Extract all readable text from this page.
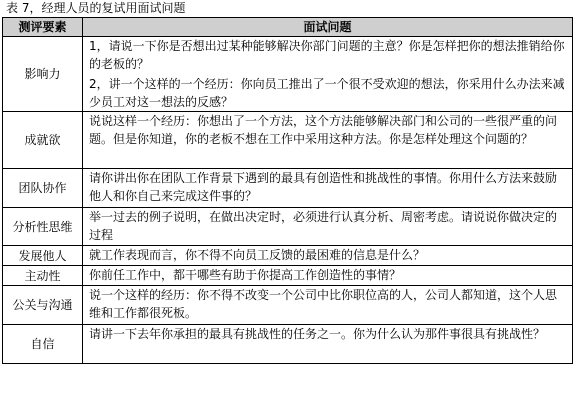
表 7，经理人员的复试用面试问题
测评要素	面试问题
影响力	1，请说一下你是否想出过某种能够解决你部门问题的主意？你是怎样把你的想法推销给你的老板的？

2，讲一个这样的一个经历：你向员工推出了一个很不受欢迎的想法，你采用什么办法来减少员工对这一想法的反感？

成就欲	说说这样一个经历：你想出了一个方法，这个方法能够解决部门和公司的一些很严重的问题。但是你知道，你的老板不想在工作中采用这种方法。你是怎样处理这个问题的？

团队协作	请你讲出你在团队工作背景下遇到的最具有创造性和挑战性的事情。你用什么方法来鼓励他人和你自己来完成这件事的？

分析性思维	举一过去的例子说明，在做出决定时，必须进行认真分析、周密考虑。请说说你做决定的过程

发展他人	就工作表现而言，你不得不向员工反馈的最困难的信息是什么？

主动性	你前任工作中，都干哪些有助于你提高工作创造性的事情？

公关与沟通	说一个这样的经历：你不得不改变一个公司中比你职位高的人，公司人都知道，这个人思维和工作都很死板。

自信	请讲一下去年你承担的最具有挑战性的任务之一。你为什么认为那件事很具有挑战性？
